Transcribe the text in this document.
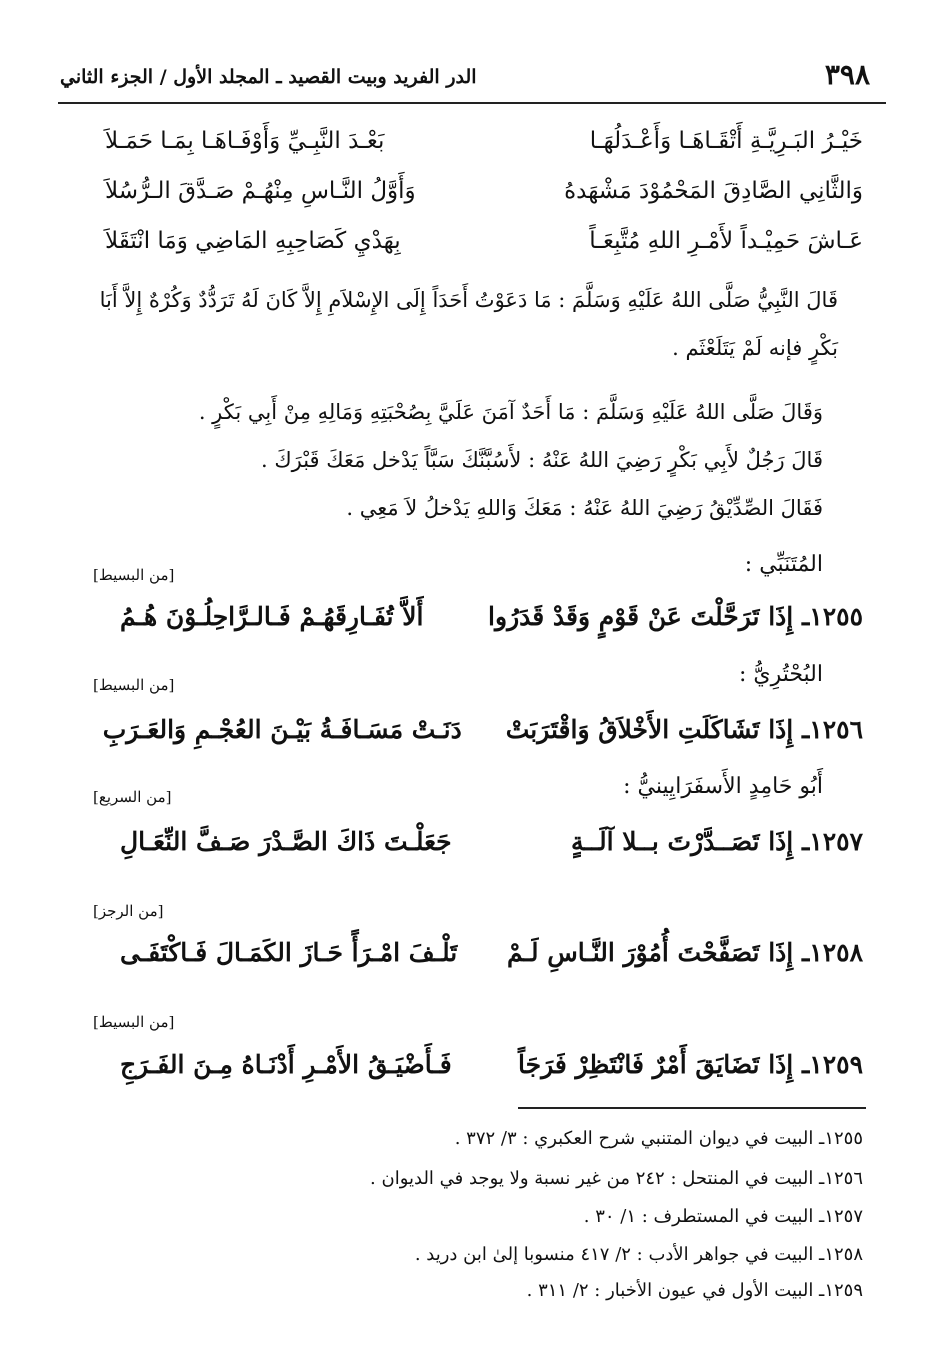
٣٩٨
الدر الفريد وبيت القصيد ـ المجلد الأول / الجزء الثاني
خَيْـرُ البَـرِيَّـةِ أَتْقَـاهَـا وَأَعْـدَلُهَـا
بَعْـدَ النَّبِـيِّ وَأَوْفَـاهَـا بِمَـا حَمَـلاَ
وَالثَّانِي الصَّادِقَ المَحْمُوْدَ مَشْهَدهُ
وَأَوَّلُ النَّـاسِ مِنْهُـمْ صَـدَّقَ الـرُّسُلاَ
عَـاشَ حَمِيْـداً لأَمْـرِ اللهِ مُتَّبِعَـاً
بِهَدْيِ كَصَاحِبِهِ المَاضِي وَمَا انْتَقَلاَ
قَالَ النَّبِيُّ صَلَّى اللهُ عَلَيْهِ وَسَلَّمَ : مَا دَعَوْتُ أَحَدَاً إِلَى الإِسْلاَمِ إِلاَّ كَانَ لَهُ تَرَدُّدٌ وَكُرْهٌ إِلاَّ أَبَا بَكْرٍ فإنه لَمْ يَتَلَعْثَم .
وَقَالَ صَلَّى اللهُ عَلَيْهِ وَسَلَّمَ : مَا أَحَدٌ آمَنَ عَلَيَّ بِصُحْبَتِهِ وَمَالِهِ مِنْ أَبِي بَكْرٍ .
قَالَ رَجُلٌ لأَبِي بَكْرٍ رَضِيَ اللهُ عَنْهُ : لأَسُبَّنَّكَ سَبَّاً يَدْخل مَعَكَ قَبْرَكَ .
فَقَالَ الصِّدِّيْقُ رَضِيَ اللهُ عَنْهُ : مَعَكَ وَاللهِ يَدْخلُ لاَ مَعِي .
المُتَنَبِّي :
[من البسيط]
١٢٥٥ـ إِذَا تَرَحَّلْتَ عَنْ قَوْمٍ وَقَدْ قَدَرُوا
أَلاَّ تُفَـارِقَهُـمْ فَـالـرَّاحِلُـوْنَ هُـمُ
البُحْتُرِيُّ :
[من البسيط]
١٢٥٦ـ إِذَا تَشَاكَلَتِ الأَخْلاَقُ وَاقْتَرَبَتْ
دَنَـتْ مَسَـافَـةُ بَيْـنَ العُجْـمِ وَالعَـرَبِ
أَبُو حَامِدٍ الأَسفَرَايِينيُّ :
[من السريع]
١٢٥٧ـ إِذَا تَصَــدَّرْتَ بــلا آلَــةٍ
جَعَلْـتَ ذَاكَ الصَّـدْرَ صَـفَّ النِّعَـالِ
[من الرجز]
١٢٥٨ـ إِذَا تَصَفَّحْتَ أُمُوْرَ النَّـاسِ لَـمْ
تَلْـفَ امْـرَأً حَـازَ الكَمَـالَ فَـاكْتَفَـى
[من البسيط]
١٢٥٩ـ إِذَا تَضَايَقَ أَمْرٌ فَانْتَظِرْ فَرَجَاً
فَـأَضْيَـقُ الأَمْـرِ أَدْنَـاهُ مِـنَ الفَـرَجِ
١٢٥٥ـ البيت في ديوان المتنبي شرح العكبري : ٣/ ٣٧٢ .
١٢٥٦ـ البيت في المنتحل : ٢٤٢ من غير نسبة ولا يوجد في الديوان .
١٢٥٧ـ البيت في المستطرف : ١/ ٣٠ .
١٢٥٨ـ البيت في جواهر الأدب : ٢/ ٤١٧ منسوبا إلىٰ ابن دريد .
١٢٥٩ـ البيت الأول في عيون الأخبار : ٢/ ٣١١ .
